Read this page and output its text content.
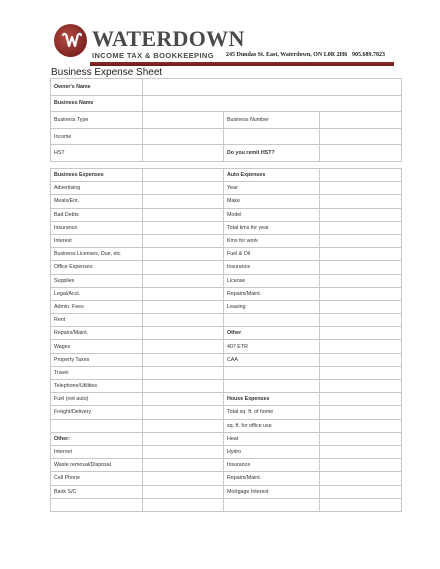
WATERDOWN
INCOME TAX & BOOKKEEPING 245 Dundas St. East, Waterdown, ON L0R 2H6 905.689.7823
Business Expense Sheet
Owner's Name			
Business Name			
Business Type		Business Number	
Income			
HST		Do you remit HST?	
Business Expenses		Auto Expenses	
Advertising		Year	
Meals/Ent.		Make	
Bad Debts		Model	
Insurance		Total kms for year	
Interest		Kms for work	
Business Licenses, Due, etc		Fuel & Oil	
Office Expenses		Insurance	
Supplies		License	
Legal/Acct.		Repairs/Maint.	
Admin. Fees		Leasing	
Rent			
Repairs/Maint.		Other	
Wages		407 ETR	
Property Taxes		CAA	
Travel			
Telephone/Utilities			
Fuel (not auto)		House Expenses	
Freight/Delivery		Total sq. ft. of home	
		sq. ft. for office use	
Other:		Heat	
Internet		Hydro	
Waste removal/Disposal		Insurance	
Cell Phone		Repairs/Maint.	
Bank S/C		Mortgage Interest	
